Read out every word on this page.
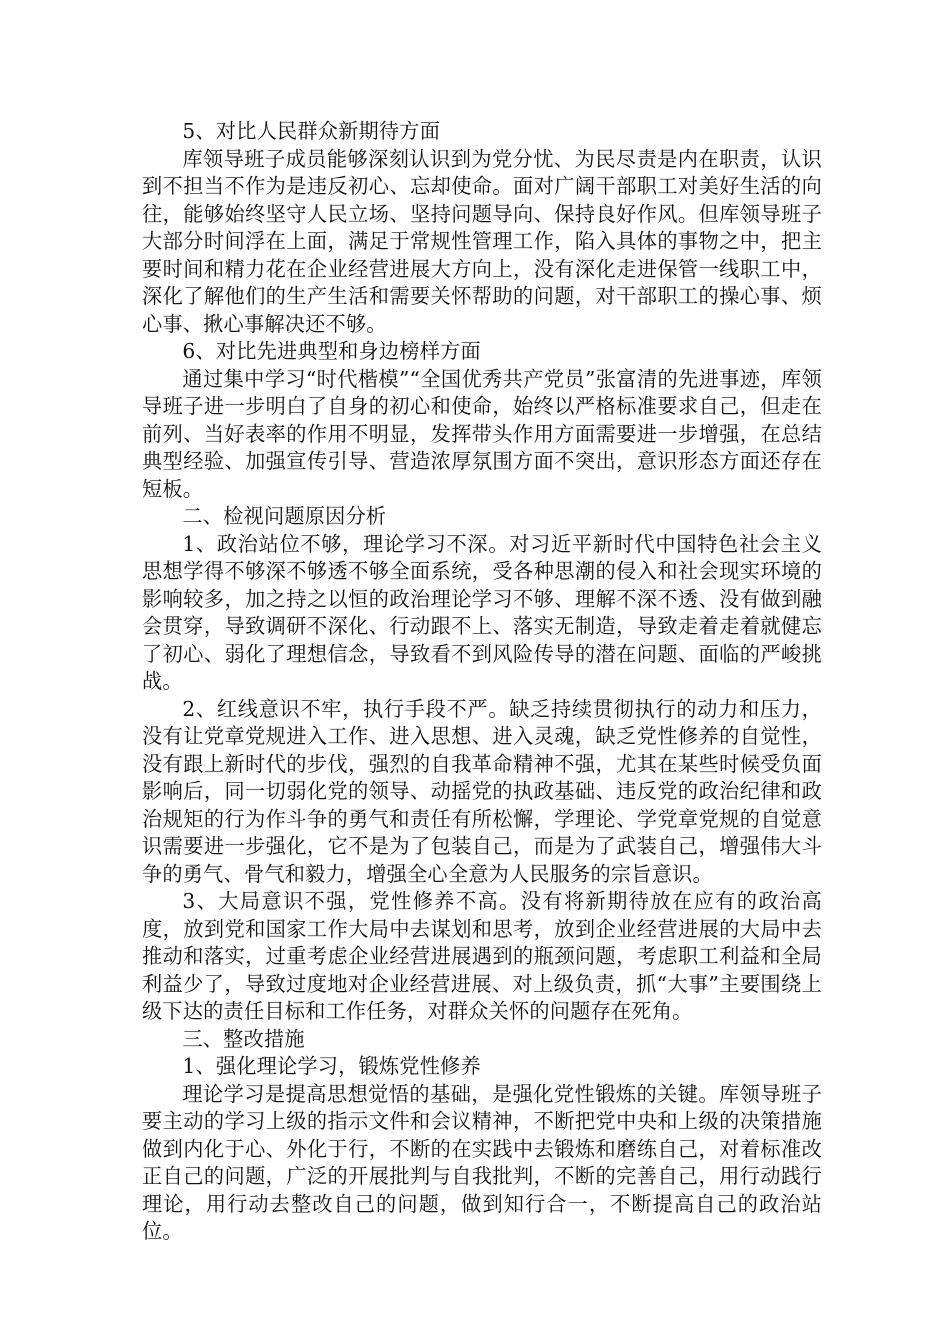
5、对比人民群众新期待方面

库领导班子成员能够深刻认识到为党分忧、为民尽责是内在职责，认识到不担当不作为是违反初心、忘却使命。面对广阔干部职工对美好生活的向往，能够始终坚守人民立场、坚持问题导向、保持良好作风。但库领导班子大部分时间浮在上面，满足于常规性管理工作，陷入具体的事物之中，把主要时间和精力花在企业经营进展大方向上，没有深化走进保管一线职工中，深化了解他们的生产生活和需要关怀帮助的问题，对干部职工的操心事、烦心事、揪心事解决还不够。

6、对比先进典型和身边榜样方面

通过集中学习“时代楷模”“全国优秀共产党员”张富清的先进事迹，库领导班子进一步明白了自身的初心和使命，始终以严格标准要求自己，但走在前列、当好表率的作用不明显，发挥带头作用方面需要进一步增强，在总结典型经验、加强宣传引导、营造浓厚氛围方面不突出，意识形态方面还存在短板。

二、检视问题原因分析

1、政治站位不够，理论学习不深。对习近平新时代中国特色社会主义思想学得不够深不够透不够全面系统，受各种思潮的侵入和社会现实环境的影响较多，加之持之以恒的政治理论学习不够、理解不深不透、没有做到融会贯穿，导致调研不深化、行动跟不上、落实无制造，导致走着走着就健忘了初心、弱化了理想信念，导致看不到风险传导的潜在问题、面临的严峻挑战。

2、红线意识不牢，执行手段不严。缺乏持续贯彻执行的动力和压力，没有让党章党规进入工作、进入思想、进入灵魂，缺乏党性修养的自觉性，没有跟上新时代的步伐，强烈的自我革命精神不强，尤其在某些时候受负面影响后，同一切弱化党的领导、动摇党的执政基础、违反党的政治纪律和政治规矩的行为作斗争的勇气和责任有所松懈，学理论、学党章党规的自觉意识需要进一步强化，它不是为了包装自己，而是为了武装自己，增强伟大斗争的勇气、骨气和毅力，增强全心全意为人民服务的宗旨意识。

3、大局意识不强，党性修养不高。没有将新期待放在应有的政治高度，放到党和国家工作大局中去谋划和思考，放到企业经营进展的大局中去推动和落实，过重考虑企业经营进展遇到的瓶颈问题，考虑职工利益和全局利益少了，导致过度地对企业经营进展、对上级负责，抓“大事”主要围绕上级下达的责任目标和工作任务，对群众关怀的问题存在死角。

三、整改措施

1、强化理论学习，锻炼党性修养

理论学习是提高思想觉悟的基础，是强化党性锻炼的关键。库领导班子要主动的学习上级的指示文件和会议精神，不断把党中央和上级的决策措施做到内化于心、外化于行，不断的在实践中去锻炼和磨练自己，对着标准改正自己的问题，广泛的开展批判与自我批判，不断的完善自己，用行动践行理论，用行动去整改自己的问题，做到知行合一，不断提高自己的政治站位。
